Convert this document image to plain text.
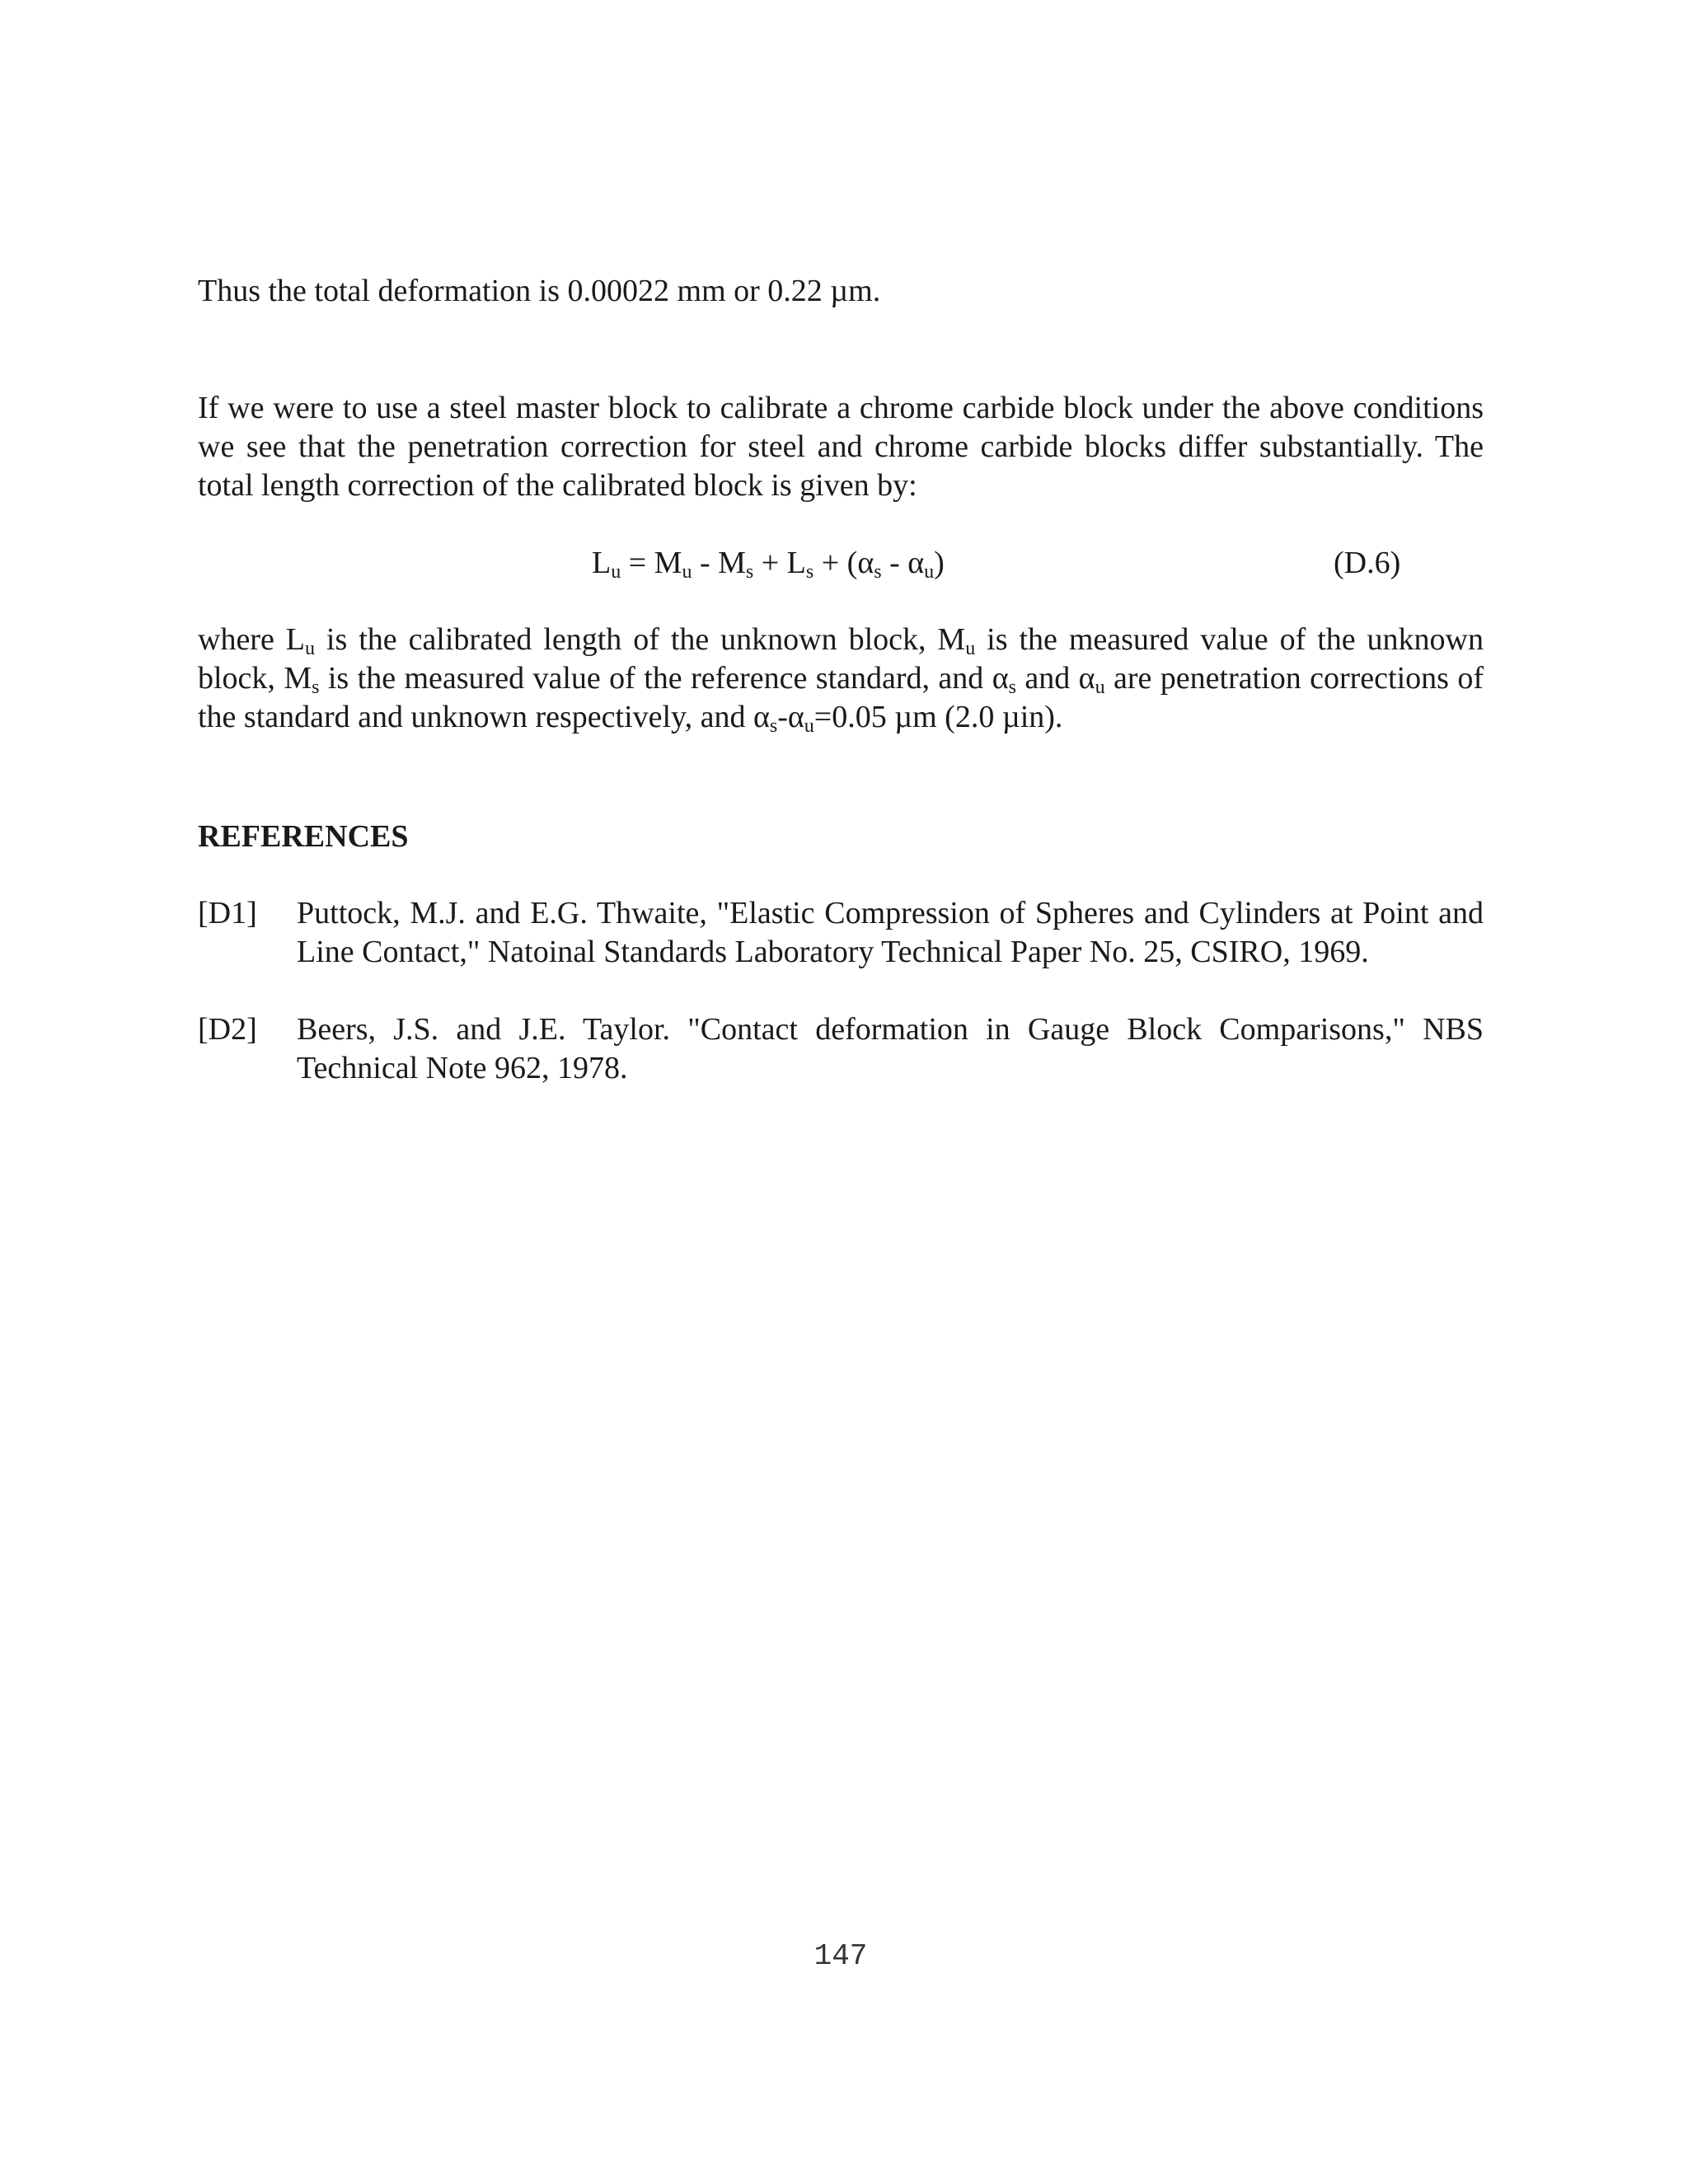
Thus the total deformation is 0.00022 mm or 0.22 µm.

If we were to use a steel master block to calibrate a chrome carbide block under the above conditions we see that the penetration correction for steel and chrome carbide blocks differ substantially. The total length correction of the calibrated block is given by:

$L_u = M_u - M_s + L_s + (\alpha_s - \alpha_u)$	(D.6)

where $L_u$ is the calibrated length of the unknown block, $M_u$ is the measured value of the unknown block, $M_s$ is the measured value of the reference standard, and $\alpha_s$ and $\alpha_u$ are penetration corrections of the standard and unknown respectively, and $\alpha_s-\alpha_u=0.05$ µm (2.0 µin).

REFERENCES
[D1] Puttock, M.J. and E.G. Thwaite, "Elastic Compression of Spheres and Cylinders at Point and Line Contact," Natoinal Standards Laboratory Technical Paper No. 25, CSIRO, 1969.
[D2] Beers, J.S. and J.E. Taylor. "Contact deformation in Gauge Block Comparisons," NBS Technical Note 962, 1978.
147
